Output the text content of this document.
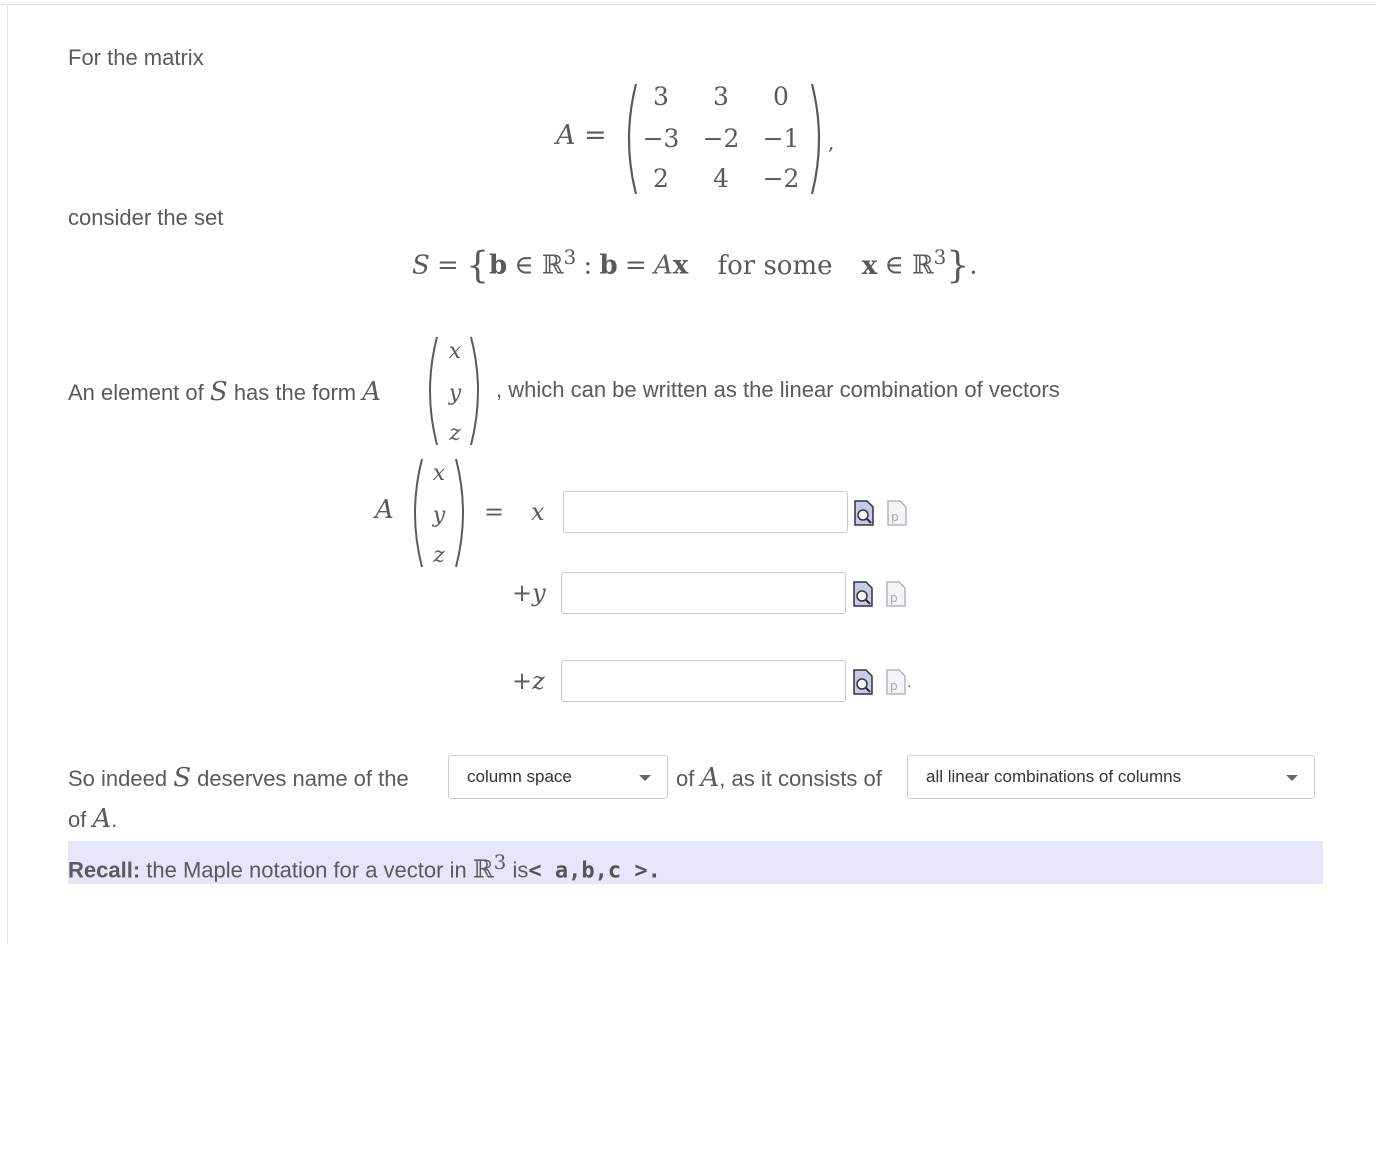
For the matrix
A =
3	3	0
−3 −2 −1
2	4	−2
,
consider the set
S = {b ∈ ℝ$^3$ : b = Ax for some x ∈ ℝ$^3$}.
An element of S has the form A
x
y
z
, which can be written as the linear combination of vectors
A
x
y
z
= x
+y
+z
p
p
p .
So indeed S deserves name of the	column space	of A, as it consists of	all linear combinations of columns
of A.
Recall: the Maple notation for a vector in ℝ$^3$ is< a,b,c >.
